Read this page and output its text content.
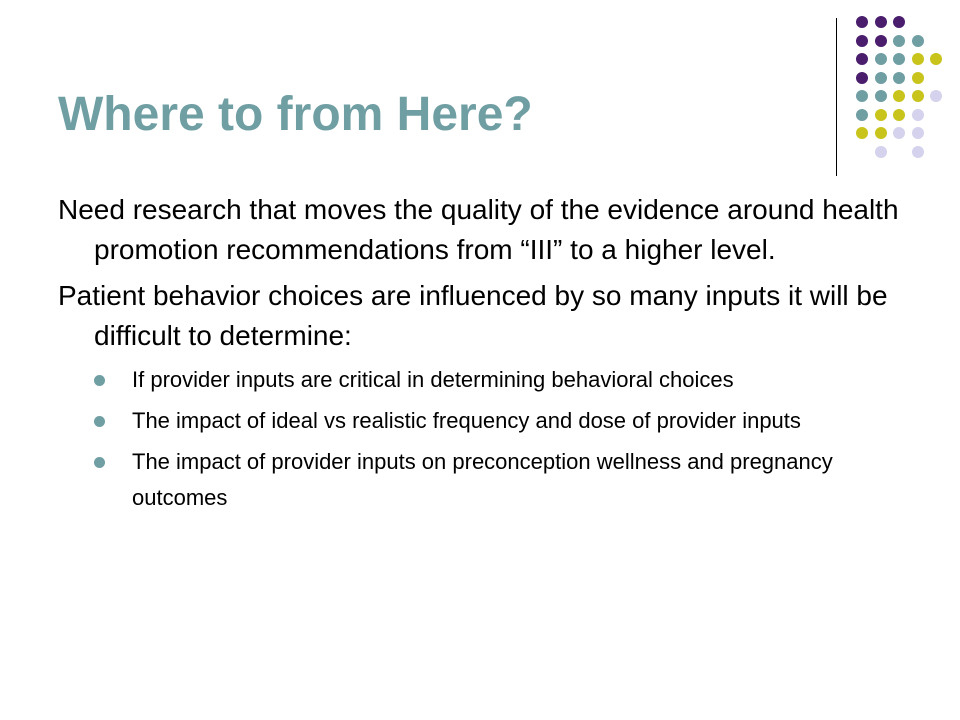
Where to from Here?

Need research that moves the quality of the evidence around health promotion recommendations from “III” to a higher level.

Patient behavior choices are influenced by so many inputs it will be difficult to determine:

If provider inputs are critical in determining behavioral choices
The impact of ideal vs realistic frequency and dose of provider inputs
The impact of provider inputs on preconception wellness and pregnancy outcomes
